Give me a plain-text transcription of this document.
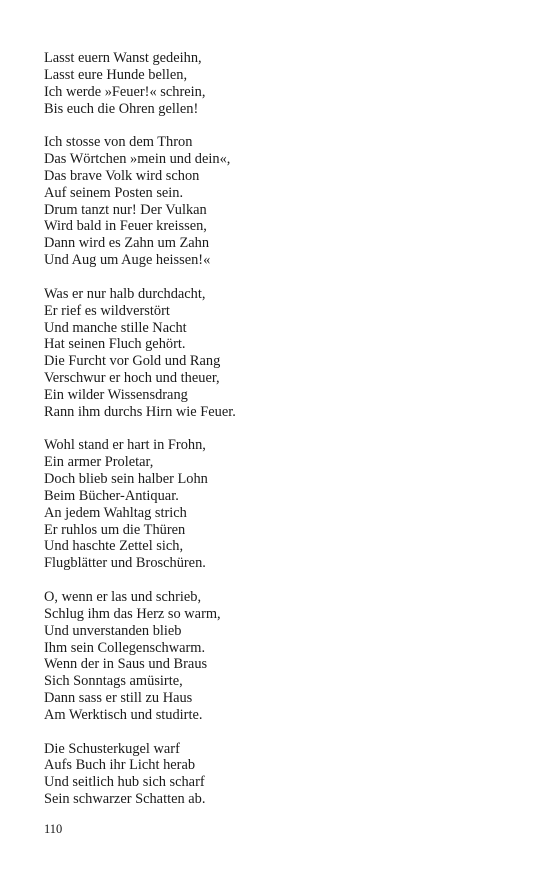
Lasst euern Wanst gedeihn,
Lasst eure Hunde bellen,
Ich werde »Feuer!« schrein,
Bis euch die Ohren gellen!
Ich stosse von dem Thron
Das Wörtchen »mein und dein«,
Das brave Volk wird schon
Auf seinem Posten sein.
Drum tanzt nur! Der Vulkan
Wird bald in Feuer kreissen,
Dann wird es Zahn um Zahn
Und Aug um Auge heissen!«
Was er nur halb durchdacht,
Er rief es wildverstört
Und manche stille Nacht
Hat seinen Fluch gehört.
Die Furcht vor Gold und Rang
Verschwur er hoch und theuer,
Ein wilder Wissensdrang
Rann ihm durchs Hirn wie Feuer.
Wohl stand er hart in Frohn,
Ein armer Proletar,
Doch blieb sein halber Lohn
Beim Bücher-Antiquar.
An jedem Wahltag strich
Er ruhlos um die Thüren
Und haschte Zettel sich,
Flugblätter und Broschüren.
O, wenn er las und schrieb,
Schlug ihm das Herz so warm,
Und unverstanden blieb
Ihm sein Collegenschwarm.
Wenn der in Saus und Braus
Sich Sonntags amüsirte,
Dann sass er still zu Haus
Am Werktisch und studirte.
Die Schusterkugel warf
Aufs Buch ihr Licht herab
Und seitlich hub sich scharf
Sein schwarzer Schatten ab.
110
